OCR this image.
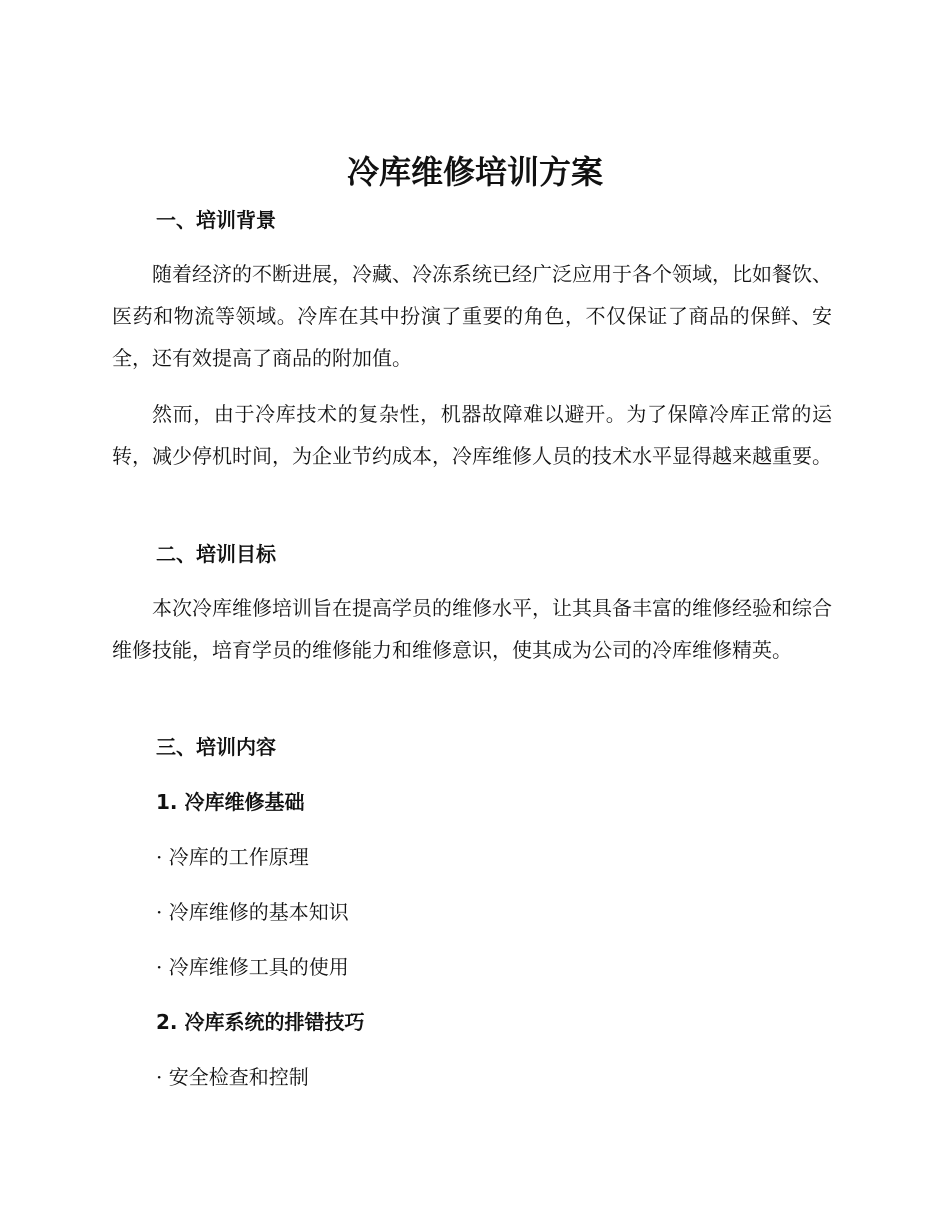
冷库维修培训方案
一、培训背景

随着经济的不断进展，冷藏、冷冻系统已经广泛应用于各个领域，比如餐饮、医药和物流等领域。冷库在其中扮演了重要的角色，不仅保证了商品的保鲜、安全，还有效提高了商品的附加值。

然而，由于冷库技术的复杂性，机器故障难以避开。为了保障冷库正常的运转，减少停机时间，为企业节约成本，冷库维修人员的技术水平显得越来越重要。

二、培训目标

本次冷库维修培训旨在提高学员的维修水平，让其具备丰富的维修经验和综合维修技能，培育学员的维修能力和维修意识，使其成为公司的冷库维修精英。

三、培训内容
1. 冷库维修基础

· 冷库的工作原理

· 冷库维修的基本知识

· 冷库维修工具的使用

2. 冷库系统的排错技巧

· 安全检查和控制
